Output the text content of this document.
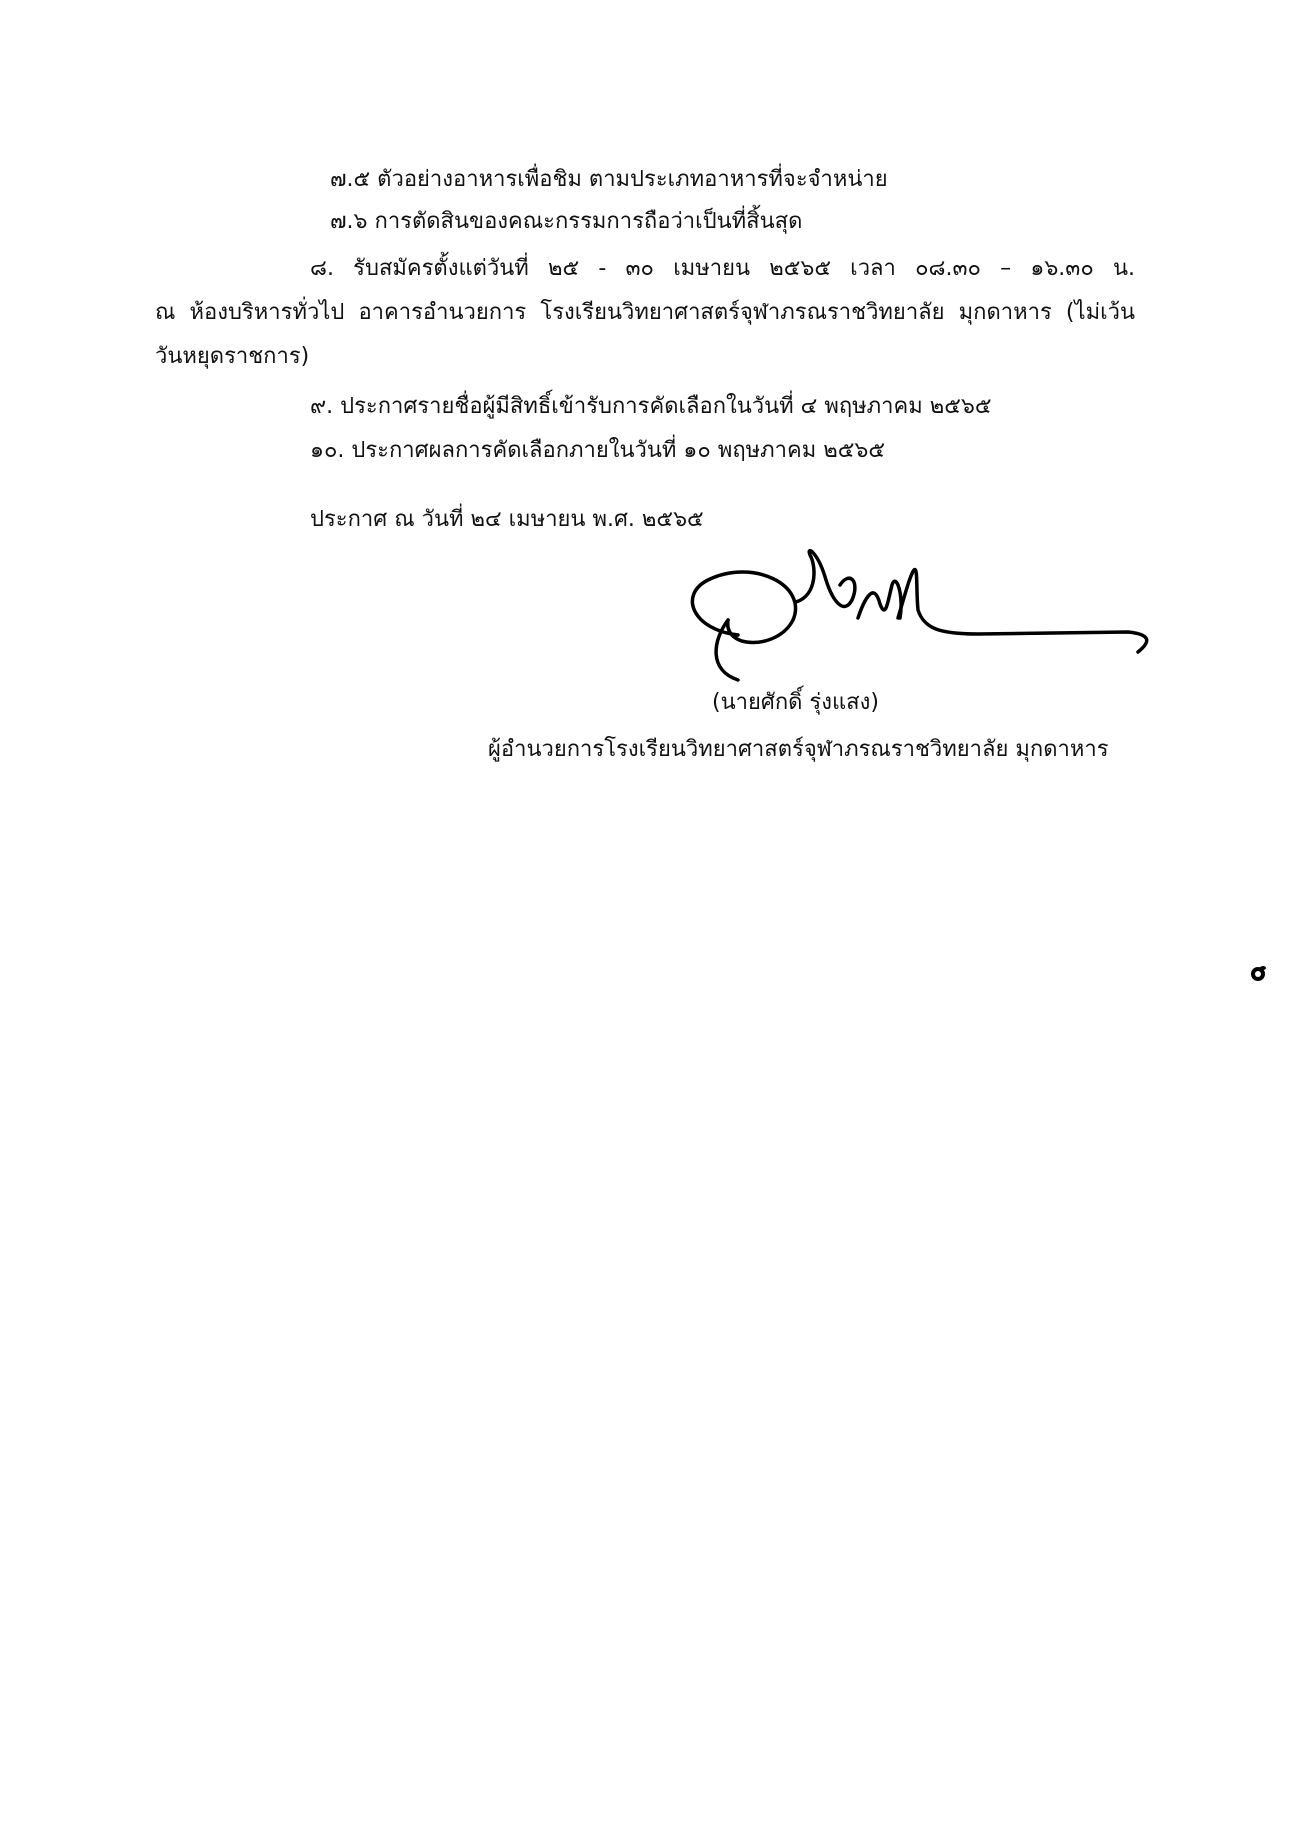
๗.๕ ตัวอย่างอาหารเพื่อชิม ตามประเภทอาหารที่จะจำหน่าย
๗.๖ การตัดสินของคณะกรรมการถือว่าเป็นที่สิ้นสุด
๘. รับสมัครตั้งแต่วันที่ ๒๕ - ๓๐ เมษายน ๒๕๖๕ เวลา ๐๘.๓๐ – ๑๖.๓๐ น.
ณ ห้องบริหารทั่วไป อาคารอำนวยการ โรงเรียนวิทยาศาสตร์จุฬาภรณราชวิทยาลัย มุกดาหาร (ไม่เว้น
วันหยุดราชการ)
๙. ประกาศรายชื่อผู้มีสิทธิ์เข้ารับการคัดเลือกในวันที่ ๔ พฤษภาคม ๒๕๖๕
๑๐. ประกาศผลการคัดเลือกภายในวันที่ ๑๐ พฤษภาคม ๒๕๖๕
ประกาศ ณ วันที่ ๒๔ เมษายน พ.ศ. ๒๕๖๕
(นายศักดิ์ รุ่งแสง)
ผู้อำนวยการโรงเรียนวิทยาศาสตร์จุฬาภรณราชวิทยาลัย มุกดาหาร
